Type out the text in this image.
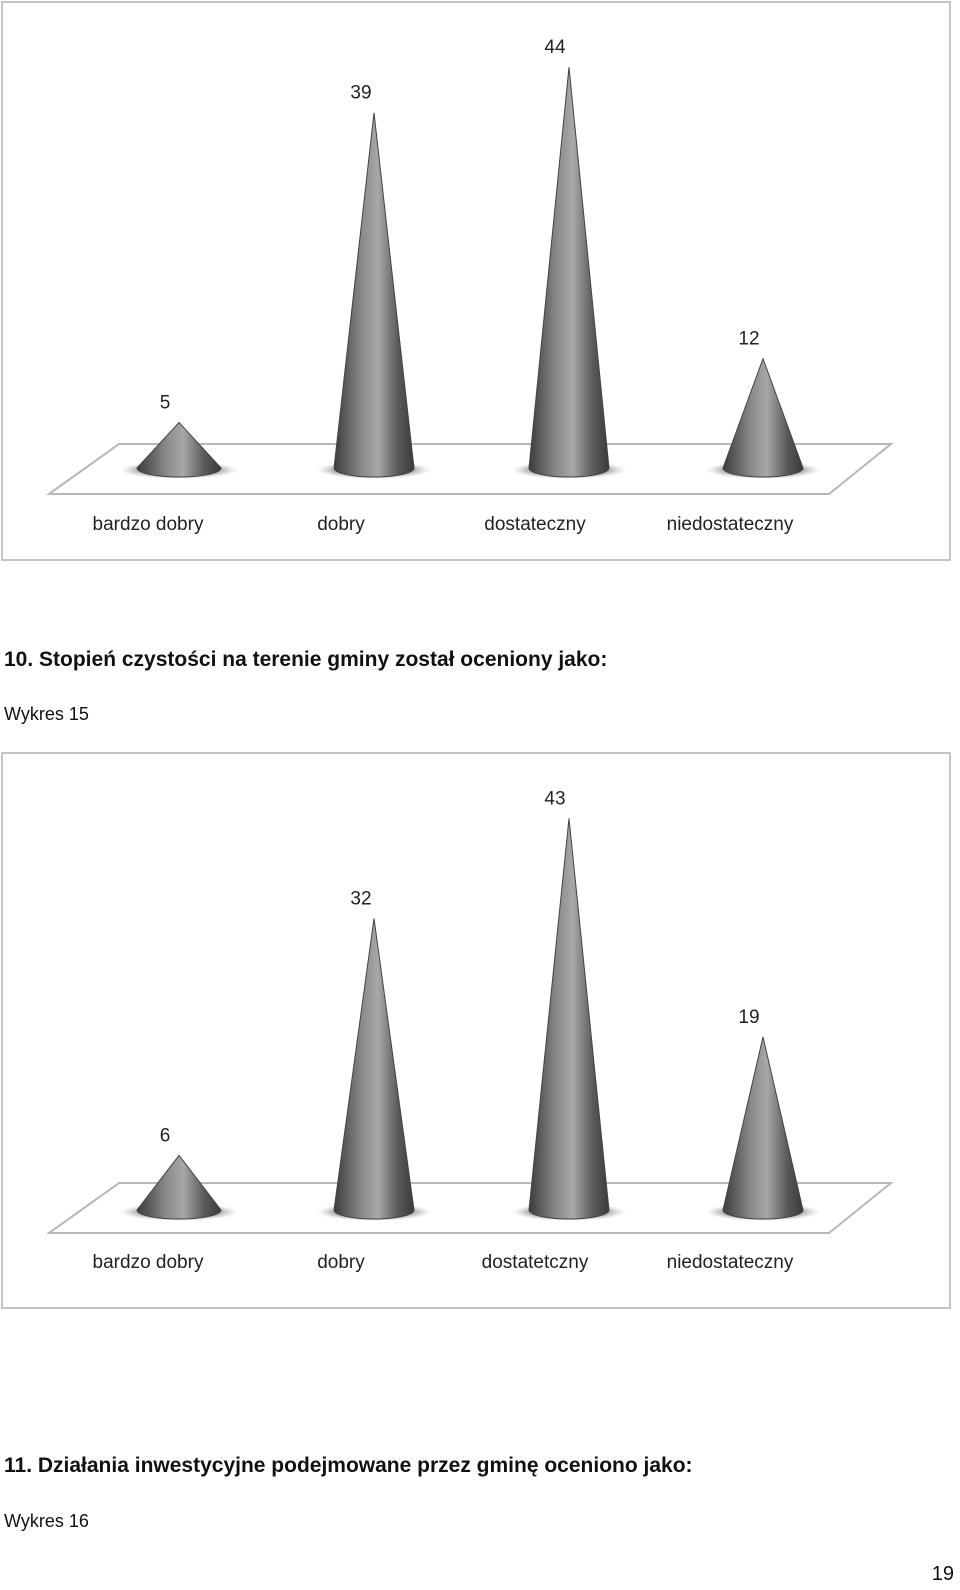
5
bardzo dobry
39
dobry
44
dostateczny
12
niedostateczny
10. Stopień czystości na terenie gminy został oceniony jako:

Wykres 15

6
bardzo dobry
32
dobry
43
dostatetczny
19
niedostateczny
11. Działania inwestycyjne podejmowane przez gminę oceniono jako:

Wykres 16

19
